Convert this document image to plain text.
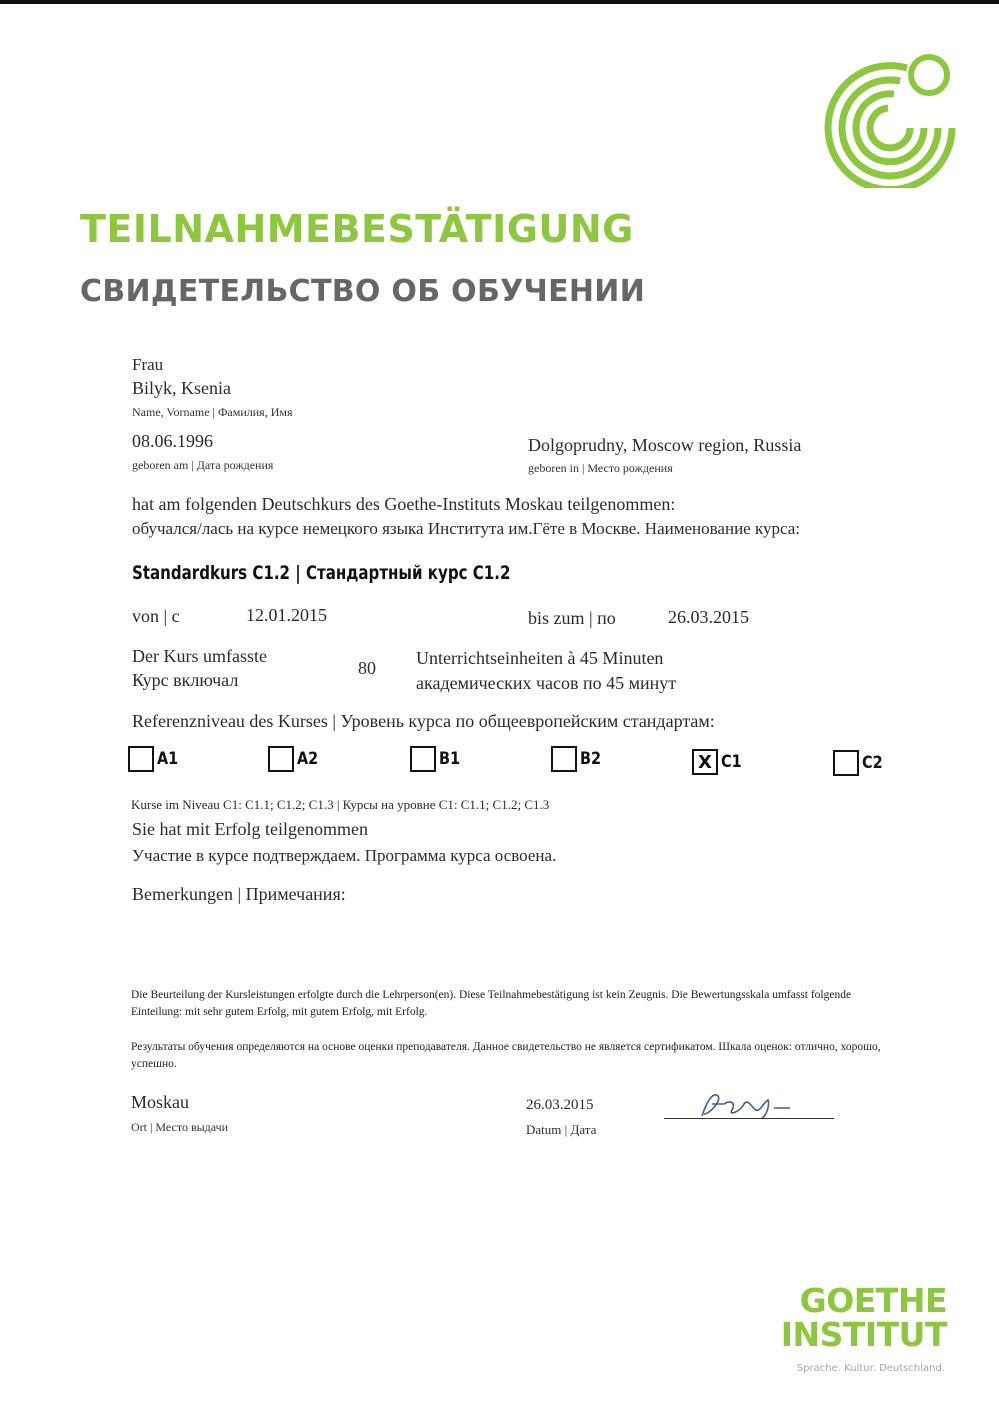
TEILNAHMEBESTÄTIGUNG
СВИДЕТЕЛЬСТВО ОБ ОБУЧЕНИИ
Frau
Bilyk, Ksenia
Name, Vorname | Фамилия, Имя
08.06.1996
geboren am | Дата рождения
Dolgoprudny, Moscow region, Russia
geboren in | Место рождения
hat am folgenden Deutschkurs des Goethe-Instituts Moskau teilgenommen:
обучался/лась на курсе немецкого языка Института им.Гёте в Москве. Наименование курса:
Standardkurs C1.2 | Стандартный курс C1.2
von | с	12.01.2015	bis zum | по	26.03.2015
Der Kurs umfasste
Курс включал
80 Unterrichtseinheiten à 45 Minuten
академических часов по 45 минут
Referenzniveau des Kurses | Уровень курса по общеевропейским стандартам:
A1	A2	B1	B2	X C1	C2
Kurse im Niveau C1: C1.1; C1.2; C1.3 | Курсы на уровне C1: C1.1; C1.2; C1.3
Sie hat mit Erfolg teilgenommen
Участие в курсе подтверждаем. Программа курса освоена.
Bemerkungen | Примечания:
Die Beurteilung der Kursleistungen erfolgte durch die Lehrperson(en). Diese Teilnahmebestätigung ist kein Zeugnis. Die Bewertungsskala umfasst folgende Einteilung: mit sehr gutem Erfolg, mit gutem Erfolg, mit Erfolg.
Результаты обучения определяются на основе оценки преподавателя. Данное свидетельство не является сертификатом. Шкала оценок: отлично, хорошо, успешно.
Moskau
Ort | Место выдачи
26.03.2015
Datum | Дата
GOETHE
INSTITUT
Sprache. Kultur. Deutschland.
